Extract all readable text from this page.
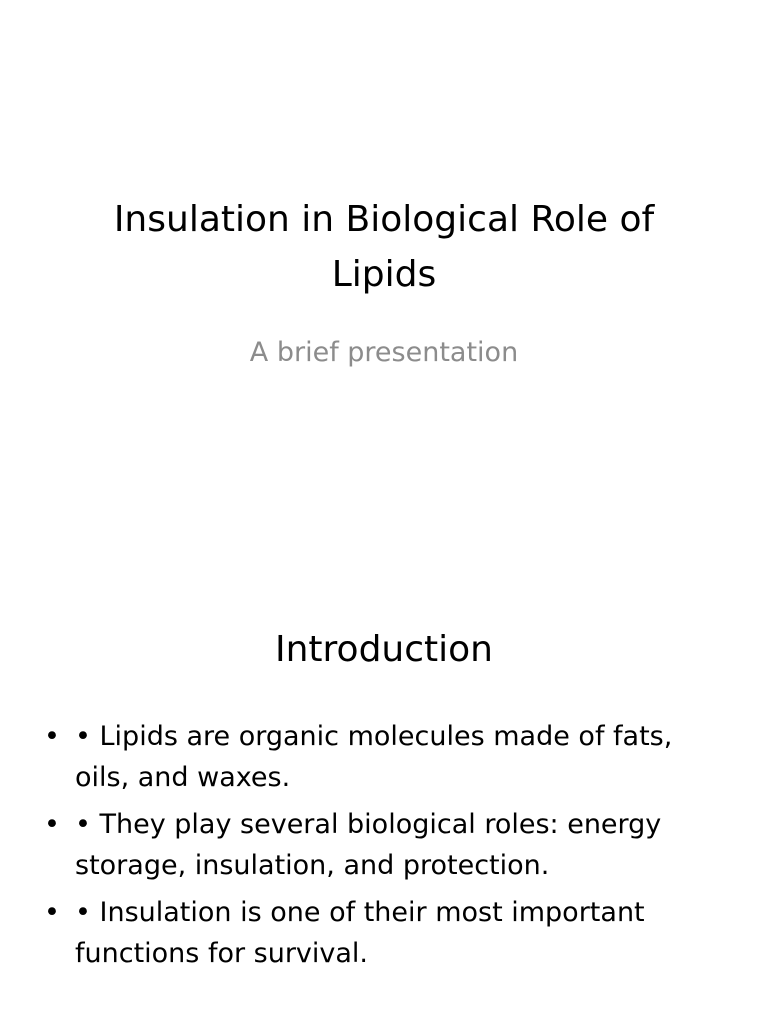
Insulation in Biological Role of Lipids

A brief presentation

Introduction
• • Lipids are organic molecules made of fats, oils, and waxes.
• • They play several biological roles: energy storage, insulation, and protection.
• • Insulation is one of their most important functions for survival.
